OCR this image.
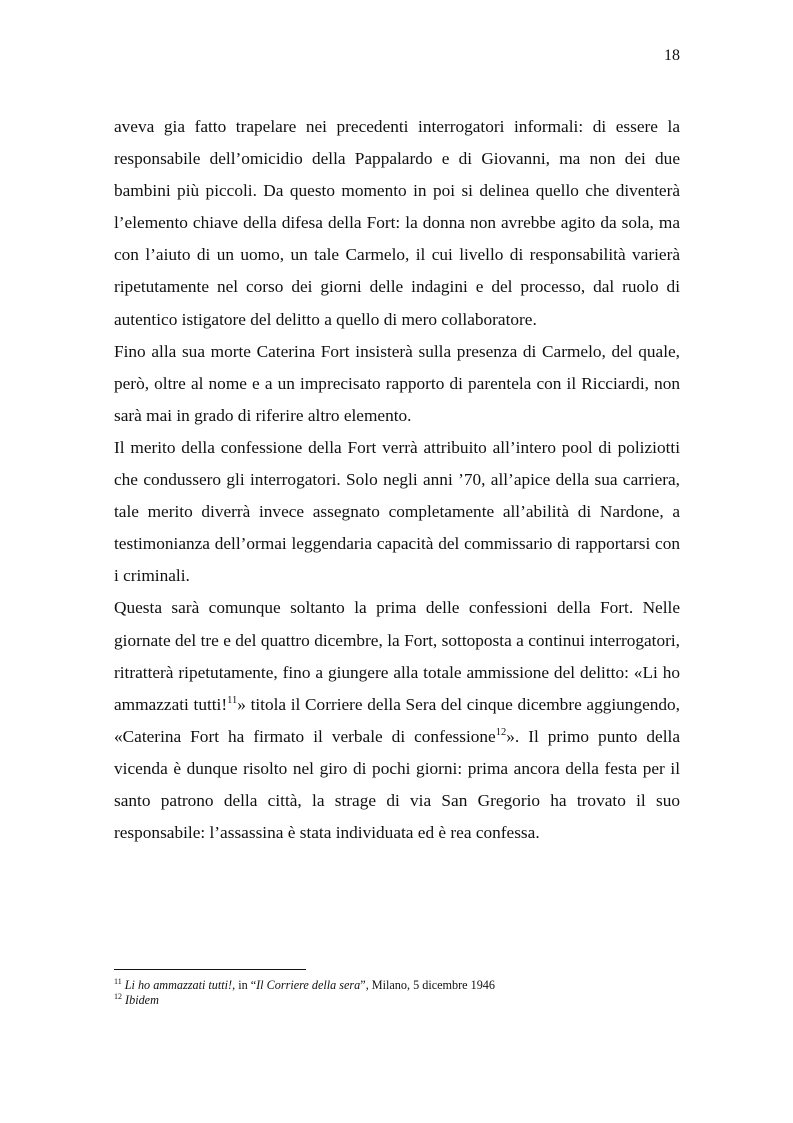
18

aveva gia fatto trapelare nei precedenti interrogatori informali: di essere la responsabile dell’omicidio della Pappalardo e di Giovanni, ma non dei due bambini più piccoli. Da questo momento in poi si delinea quello che diventerà l’elemento chiave della difesa della Fort: la donna non avrebbe agito da sola, ma con l’aiuto di un uomo, un tale Carmelo, il cui livello di responsabilità varierà ripetutamente nel corso dei giorni delle indagini e del processo, dal ruolo di autentico istigatore del delitto a quello di mero collaboratore.

Fino alla sua morte Caterina Fort insisterà sulla presenza di Carmelo, del quale, però, oltre al nome e a un imprecisato rapporto di parentela con il Ricciardi, non sarà mai in grado di riferire altro elemento.

Il merito della confessione della Fort verrà attribuito all’intero pool di poliziotti che condussero gli interrogatori. Solo negli anni ’70, all’apice della sua carriera, tale merito diverrà invece assegnato completamente all’abilità di Nardone, a testimonianza dell’ormai leggendaria capacità del commissario di rapportarsi con i criminali.

Questa sarà comunque soltanto la prima delle confessioni della Fort. Nelle giornate del tre e del quattro dicembre, la Fort, sottoposta a continui interrogatori, ritratterà ripetutamente, fino a giungere alla totale ammissione del delitto: «Li ho ammazzati tutti!$^{11}$» titola il Corriere della Sera del cinque dicembre aggiungendo, «Caterina Fort ha firmato il verbale di confessione$^{12}$». Il primo punto della vicenda è dunque risolto nel giro di pochi giorni: prima ancora della festa per il santo patrono della città, la strage di via San Gregorio ha trovato il suo responsabile: l’assassina è stata individuata ed è rea confessa.

$^{11}$ Li ho ammazzati tutti!, in “Il Corriere della sera”, Milano, 5 dicembre 1946
$^{12}$ Ibidem
